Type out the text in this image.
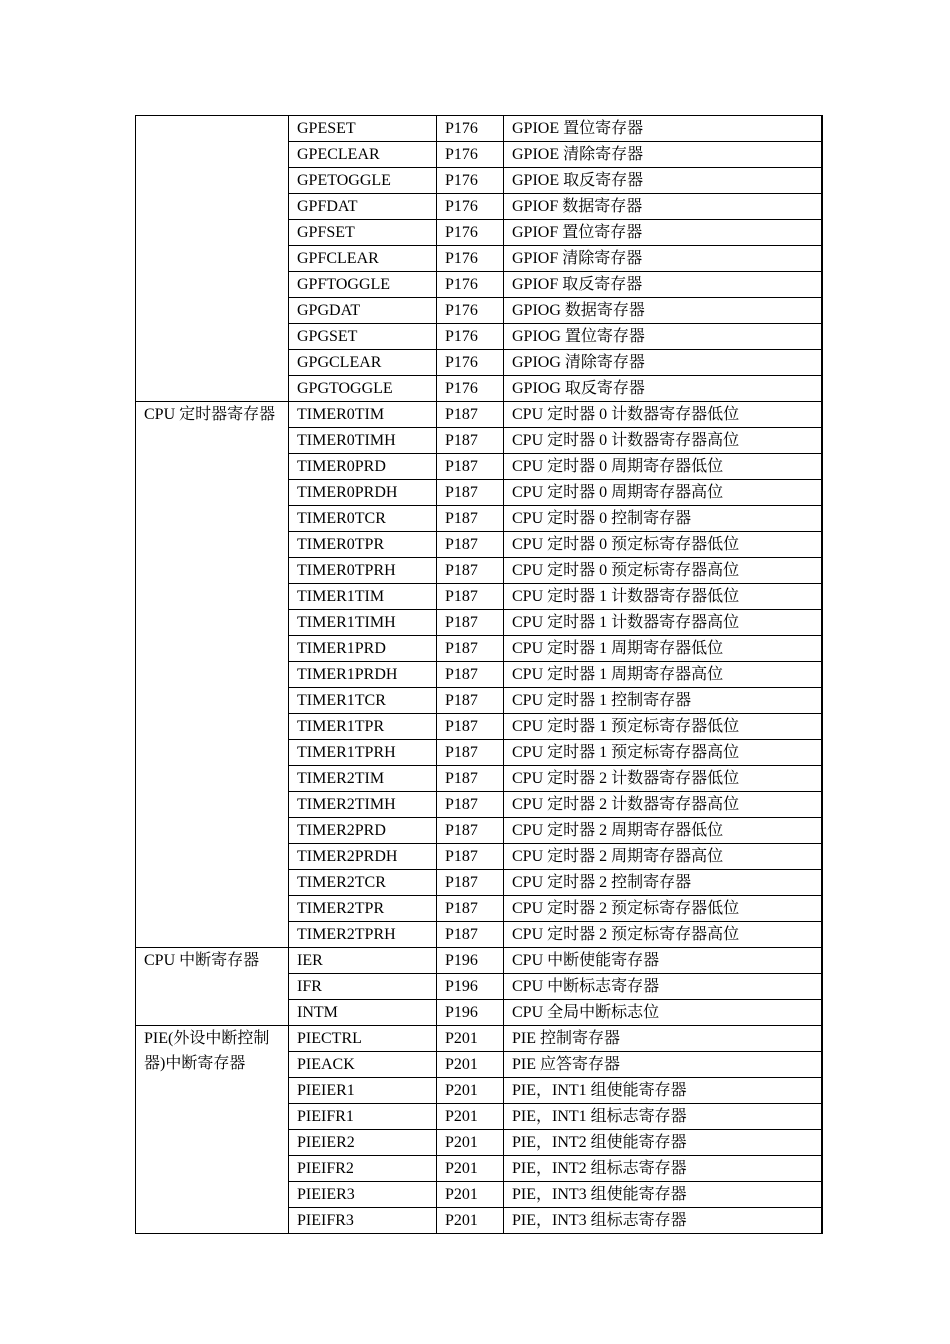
	GPESET	P176	GPIOE 置位寄存器
	GPECLEAR	P176	GPIOE 清除寄存器
	GPETOGGLE	P176	GPIOE 取反寄存器
	GPFDAT	P176	GPIOF 数据寄存器
	GPFSET	P176	GPIOF 置位寄存器
	GPFCLEAR	P176	GPIOF 清除寄存器
	GPFTOGGLE	P176	GPIOF 取反寄存器
	GPGDAT	P176	GPIOG 数据寄存器
	GPGSET	P176	GPIOG 置位寄存器
	GPGCLEAR	P176	GPIOG 清除寄存器
	GPGTOGGLE	P176	GPIOG 取反寄存器
CPU 定时器寄存器	TIMER0TIM	P187	CPU 定时器 0 计数器寄存器低位
	TIMER0TIMH	P187	CPU 定时器 0 计数器寄存器高位
	TIMER0PRD	P187	CPU 定时器 0 周期寄存器低位
	TIMER0PRDH	P187	CPU 定时器 0 周期寄存器高位
	TIMER0TCR	P187	CPU 定时器 0 控制寄存器
	TIMER0TPR	P187	CPU 定时器 0 预定标寄存器低位
	TIMER0TPRH	P187	CPU 定时器 0 预定标寄存器高位
	TIMER1TIM	P187	CPU 定时器 1 计数器寄存器低位
	TIMER1TIMH	P187	CPU 定时器 1 计数器寄存器高位
	TIMER1PRD	P187	CPU 定时器 1 周期寄存器低位
	TIMER1PRDH	P187	CPU 定时器 1 周期寄存器高位
	TIMER1TCR	P187	CPU 定时器 1 控制寄存器
	TIMER1TPR	P187	CPU 定时器 1 预定标寄存器低位
	TIMER1TPRH	P187	CPU 定时器 1 预定标寄存器高位
	TIMER2TIM	P187	CPU 定时器 2 计数器寄存器低位
	TIMER2TIMH	P187	CPU 定时器 2 计数器寄存器高位
	TIMER2PRD	P187	CPU 定时器 2 周期寄存器低位
	TIMER2PRDH	P187	CPU 定时器 2 周期寄存器高位
	TIMER2TCR	P187	CPU 定时器 2 控制寄存器
	TIMER2TPR	P187	CPU 定时器 2 预定标寄存器低位
	TIMER2TPRH	P187	CPU 定时器 2 预定标寄存器高位
CPU 中断寄存器	IER	P196	CPU 中断使能寄存器
	IFR	P196	CPU 中断标志寄存器
	INTM	P196	CPU 全局中断标志位
PIE(外设中断控制器)中断寄存器	PIECTRL	P201	PIE 控制寄存器
	PIEACK	P201	PIE 应答寄存器
	PIEIER1	P201	PIE，INT1 组使能寄存器
	PIEIFR1	P201	PIE，INT1 组标志寄存器
	PIEIER2	P201	PIE，INT2 组使能寄存器
	PIEIFR2	P201	PIE，INT2 组标志寄存器
	PIEIER3	P201	PIE，INT3 组使能寄存器
	PIEIFR3	P201	PIE，INT3 组标志寄存器
